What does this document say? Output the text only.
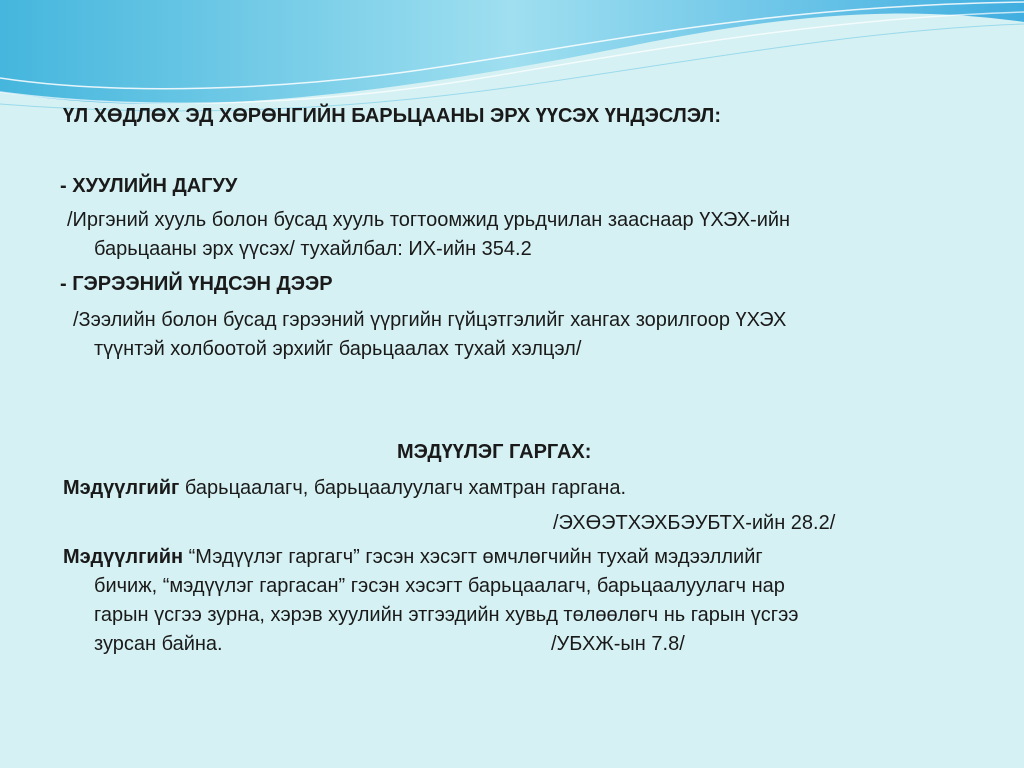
ҮЛ ХӨДЛӨХ ЭД ХӨРӨНГИЙН БАРЬЦААНЫ ЭРХ ҮҮСЭХ ҮНДЭСЛЭЛ:

- ХУУЛИЙН ДАГУУ

/Иргэний хууль болон бусад хууль тогтоомжид урьдчилан зааснаар ҮХЭХ-ийн

барьцааны эрх үүсэх/ тухайлбал: ИХ-ийн 354.2

- ГЭРЭЭНИЙ ҮНДСЭН ДЭЭР

/Зээлийн болон бусад гэрээний үүргийн гүйцэтгэлийг хангах зорилгоор ҮХЭХ

түүнтэй холбоотой эрхийг барьцаалах тухай хэлцэл/

МЭДҮҮЛЭГ ГАРГАХ:

Мэдүүлгийг барьцаалагч, барьцаалуулагч хамтран гаргана.

/ЭХӨЭТХЭХБЭУБТХ-ийн 28.2/

Мэдүүлгийн “Мэдүүлэг гаргагч” гэсэн хэсэгт өмчлөгчийн тухай мэдээллийг

бичиж, “мэдүүлэг гаргасан” гэсэн хэсэгт барьцаалагч, барьцаалуулагч нар

гарын үсгээ зурна, хэрэв хуулийн этгээдийн хувьд төлөөлөгч нь гарын үсгээ

зурсан байна.	/УБХЖ-ын 7.8/
